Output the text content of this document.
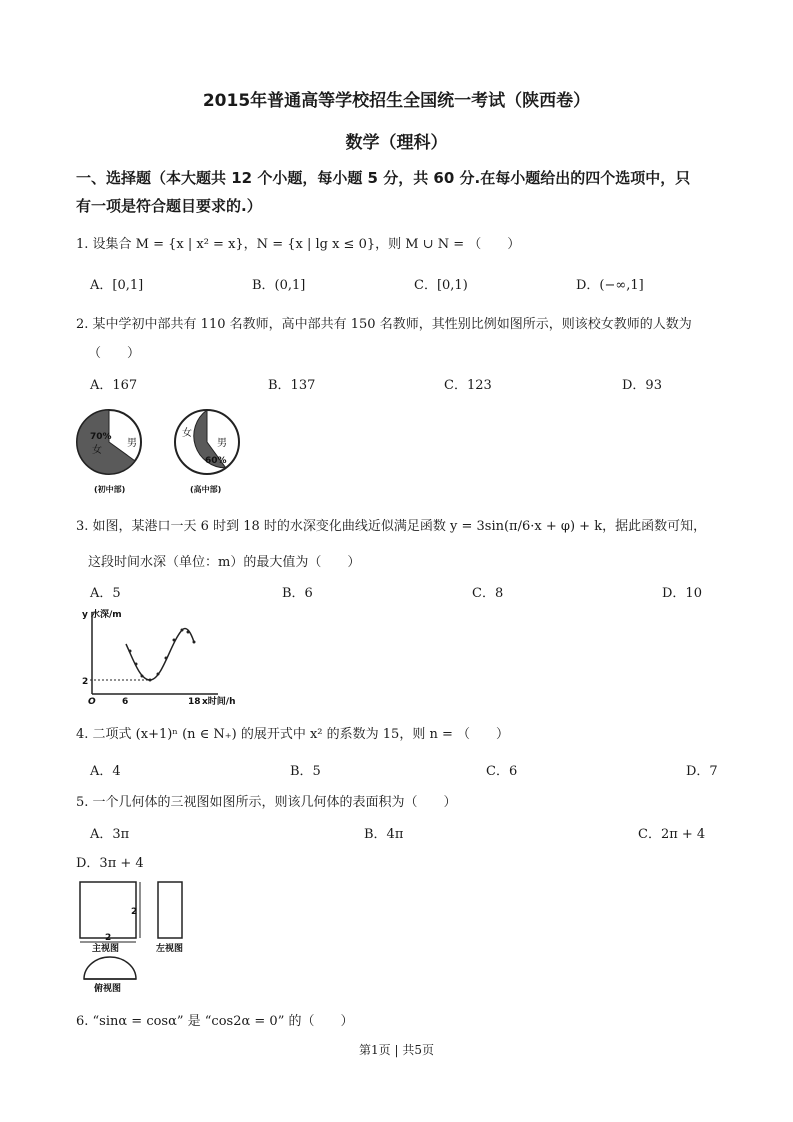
2015年普通高等学校招生全国统一考试（陕西卷）
数学（理科）
一、选择题（本大题共 12 个小题，每小题 5 分，共 60 分.在每小题给出的四个选项中，只
有一项是符合题目要求的.）
1. 设集合 M = {x | x² = x}，N = {x | lg x ≤ 0}，则 M ∪ N = （　　）
A．[0,1]	B．(0,1]	C．[0,1)	D．(−∞,1]
2. 某中学初中部共有 110 名教师，高中部共有 150 名教师，其性别比例如图所示，则该校女教师的人数为
（　　）
A．167	B．137	C．123	D．93
70%
女
男
(初中部)
女
男
60%
(高中部)
3. 如图，某港口一天 6 时到 18 时的水深变化曲线近似满足函数 y = 3sin(π/6·x + φ) + k，据此函数可知，
这段时间水深（单位：m）的最大值为（　　）
A．5	B．6	C．8	D．10
y 水深/m
2
O	6	18 x时间/h
4. 二项式 (x+1)ⁿ (n ∈ N₊) 的展开式中 x² 的系数为 15，则 n = （　　）
A．4	B．5	C．6	D．7
5. 一个几何体的三视图如图所示，则该几何体的表面积为（　　）
A．3π	B．4π	C．2π + 4
D．3π + 4
2
2
主视图	左视图
俯视图
6. “sinα = cosα” 是 “cos2α = 0” 的（　　）
第1页 | 共5页
